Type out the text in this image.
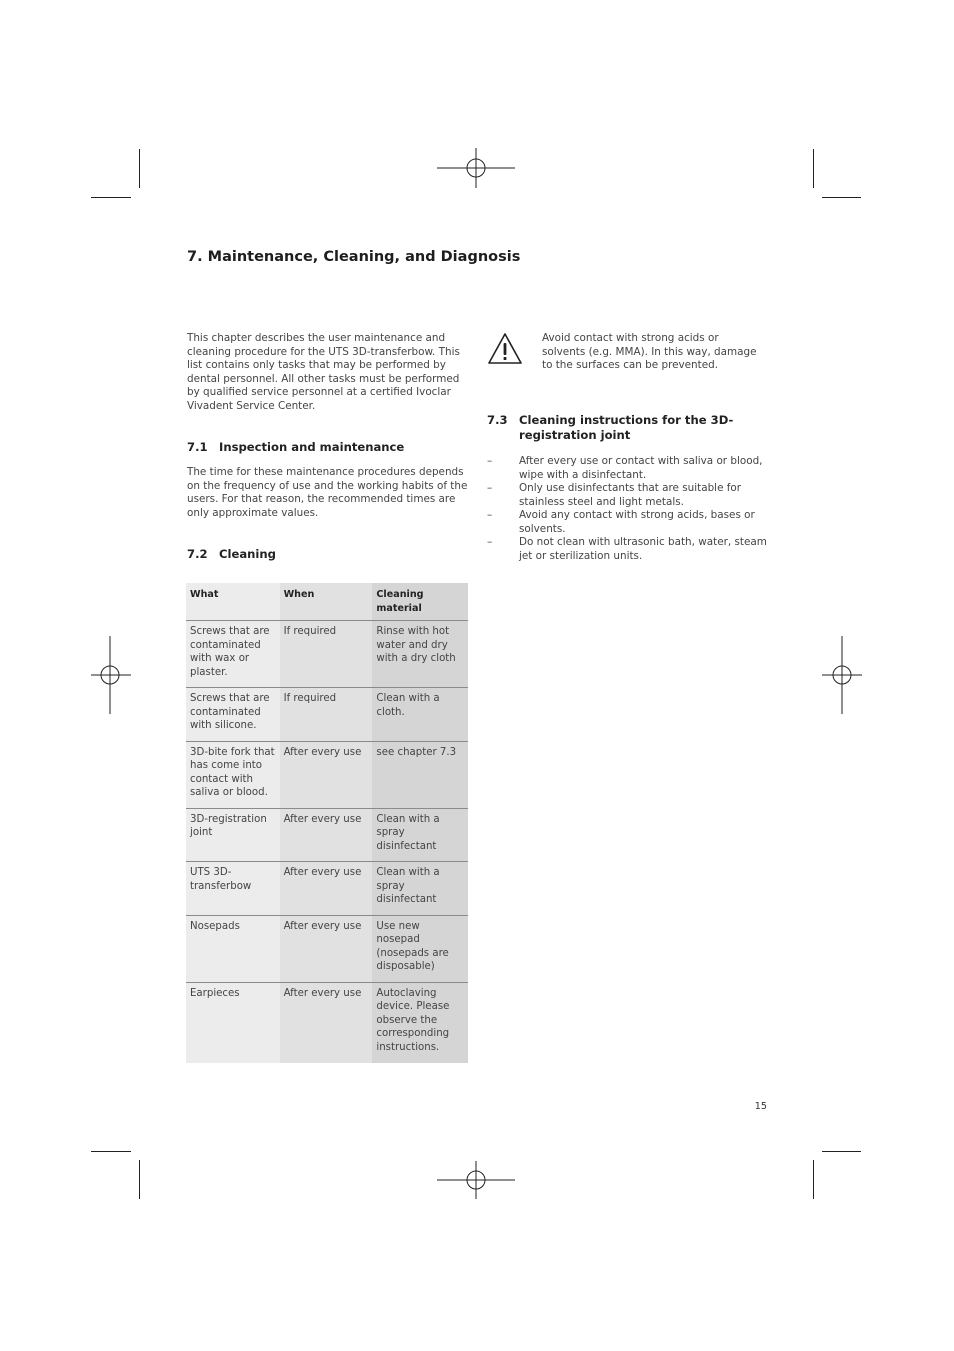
7. Maintenance, Cleaning, and Diagnosis
This chapter describes the user maintenance and cleaning procedure for the UTS 3D-transferbow. This list contains only tasks that may be performed by dental personnel. All other tasks must be performed by qualified service personnel at a certified Ivoclar Vivadent Service Center.
Avoid contact with strong acids or solvents (e.g. MMA). In this way, damage to the surfaces can be prevented.
7.1 Inspection and maintenance
The time for these maintenance procedures depends on the frequency of use and the working habits of the users. For that reason, the recommended times are only approximate values.
7.2 Cleaning
What	When	Cleaning material
Screws that are contaminated with wax or plaster.	If required	Rinse with hot water and dry with a dry cloth
Screws that are contaminated with silicone.	If required	Clean with a cloth.
3D-bite fork that has come into contact with saliva or blood.	After every use	see chapter 7.3
3D-registration joint	After every use	Clean with a spray disinfectant
UTS 3D-transferbow	After every use	Clean with a spray disinfectant
Nosepads	After every use	Use new nosepad (nosepads are disposable)
Earpieces	After every use	Autoclaving device. Please observe the corresponding instructions.
7.3 Cleaning instructions for the 3D-registration joint
–	After every use or contact with saliva or blood, wipe with a disinfectant.
–	Only use disinfectants that are suitable for stainless steel and light metals.
–	Avoid any contact with strong acids, bases or solvents.
–	Do not clean with ultrasonic bath, water, steam jet or sterilization units.
15
